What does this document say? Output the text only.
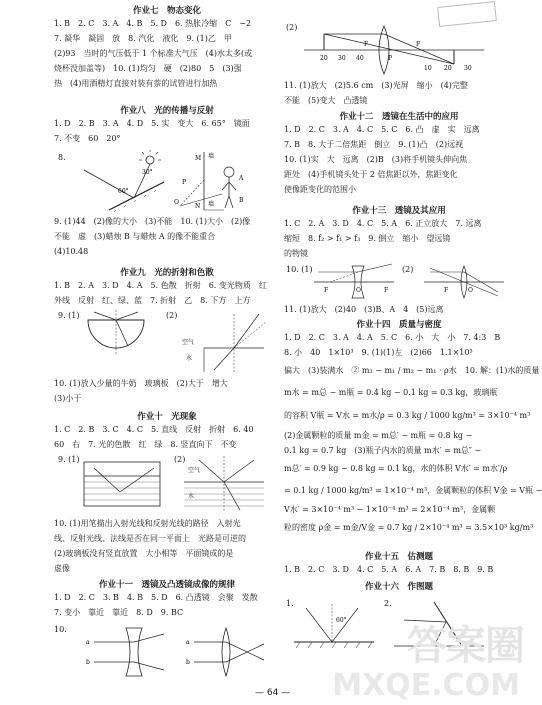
作业七　物态变化

1. B　2. C　3. A　4. B　5. D　6. 热胀冷缩　C　−2

7. 凝华　凝固　放　8. 汽化　液化　9. (1)乙　甲

(2)93　当时的气压低于 1 个标准大气压　(4)水太多(或

烧杯没加盖等)　10. (1)均匀　硬　(2)80　5　(3)强

热　(4)用酒精灯直接对装有萘的试管进行加热

作业八　光的传播与反射

1. D　2. B　3. A　4. D　5. 实　变大　6. 65°　镜面

7. 不变　60　20°

8.
60°
30°
M 墙
N 墙
O
P
A
B

9. (1)44　(2)像的大小　(3)不能　10. (1)大小　(2)像

不能　虚　(3)蜡烛 B 与蜡烛 A 的像不能重合

(4)10.48

作业九　光的折射和色散

1. B　2. A　3. D　4. A　5. 色散　折射　6. 变光物质　红

外线　反射　红、绿、蓝　7. 折射　乙　8. 下方　上方

9. (1)	(2)
空气
水

10. (1)放入少量的牛奶　玻璃板　(2)大于　增大

(3)小于

作业十　光现象

1. C　2. B　3. C　4. C　5. 直线　反射　折射　6. 40

60　右　7. 光的色散　红　绿　8. 竖直向下　不变

9. (1)	(2)
空气
水

10. (1)用笔描出入射光线和反射光线的路径　入射光

线、反射光线、法线是否在同一平面上　光路是可逆的

(2)玻璃板没有竖直放置　大小相等　平面镜成的是

虚像

作业十一　透镜及凸透镜成像的规律

1. D　2. C　3. B　4. B　5. D　6. 凸透镜　会聚　发散

7. 变小　靠近　靠近　8. D　9. BC

10.
a
b
a
b
(2)
20 30 40
F
P
F
10 20 30

11. (1)放大　(2)5.6 cm　(3)光屏　缩小　(4)完整

不能　(5)变大　凸透镜

作业十二　透镜在生活中的应用

1. D　2. C　3. A　4. C　5. C　6. 凸　虚　实　远离

7. B　8. 大于二倍焦距　倒立　9. (1)凸　(2)远视

10. (1)实　大　远离　(2)B　(3)将手机镜头伸向焦

距处　(4)手机镜头处于 2 倍焦距以外，焦距变化

使像距变化的范围小

作业十三　透镜及其应用

1. C　2. A　3. D　4. C　5. A　6. 正立放大　7. 远离

缩短　8. f₂ > f₁ > f₃　9. 倒立　缩小　望远镜

的物镜

10. (1)	(2)
F	O	F	F	O

11. (1)放大　(2)40　(3)B、A　4　(5)远离

作业十四　质量与密度

1. D　2. C　3. A　4. A　5. C　6. 小　大　小　7. 4:3　B

8. 小　40　1×10³　9. (1)(1)左　(2)66　1.1×10³

偏大　(3)装满水　② m₃ − m₁ / m₂ − m₁ · ρ水　10. 解：(1)水的质量

m水 = m总 − m瓶 = 0.4 kg − 0.1 kg = 0.3 kg，玻璃瓶

的容积 V瓶 = V水 = m水/ρ = 0.3 kg / 1000 kg/m³ = 3×10⁻⁴ m³

(2)金属颗粒的质量 m金 = m总′ − m瓶 = 0.8 kg −

0.1 kg = 0.7 kg　(3)瓶子内水的质量 m水′ = m总″ −

m总′ = 0.9 kg − 0.8 kg = 0.1 kg，水的体积 V水′ = m水′/ρ

= 0.1 kg / 1000 kg/m³ = 1×10⁻⁴ m³，金属颗粒的体积 V金 = V瓶 −

V水′ = 3×10⁻⁴ m³ − 1×10⁻⁴ m³ = 2×10⁻⁴ m³，金属颗

粒的密度 ρ金 = m金/V金 = 0.7 kg / 2×10⁻⁴ m³ = 3.5×10³ kg/m³

作业十五　估测题

1. B　2. C　3. D　4. C　5. A　6. A　7. B　8. B　9. B

作业十六　作图题

1.	2.
60°
— 64 —
答案圈
MXQE.COM
